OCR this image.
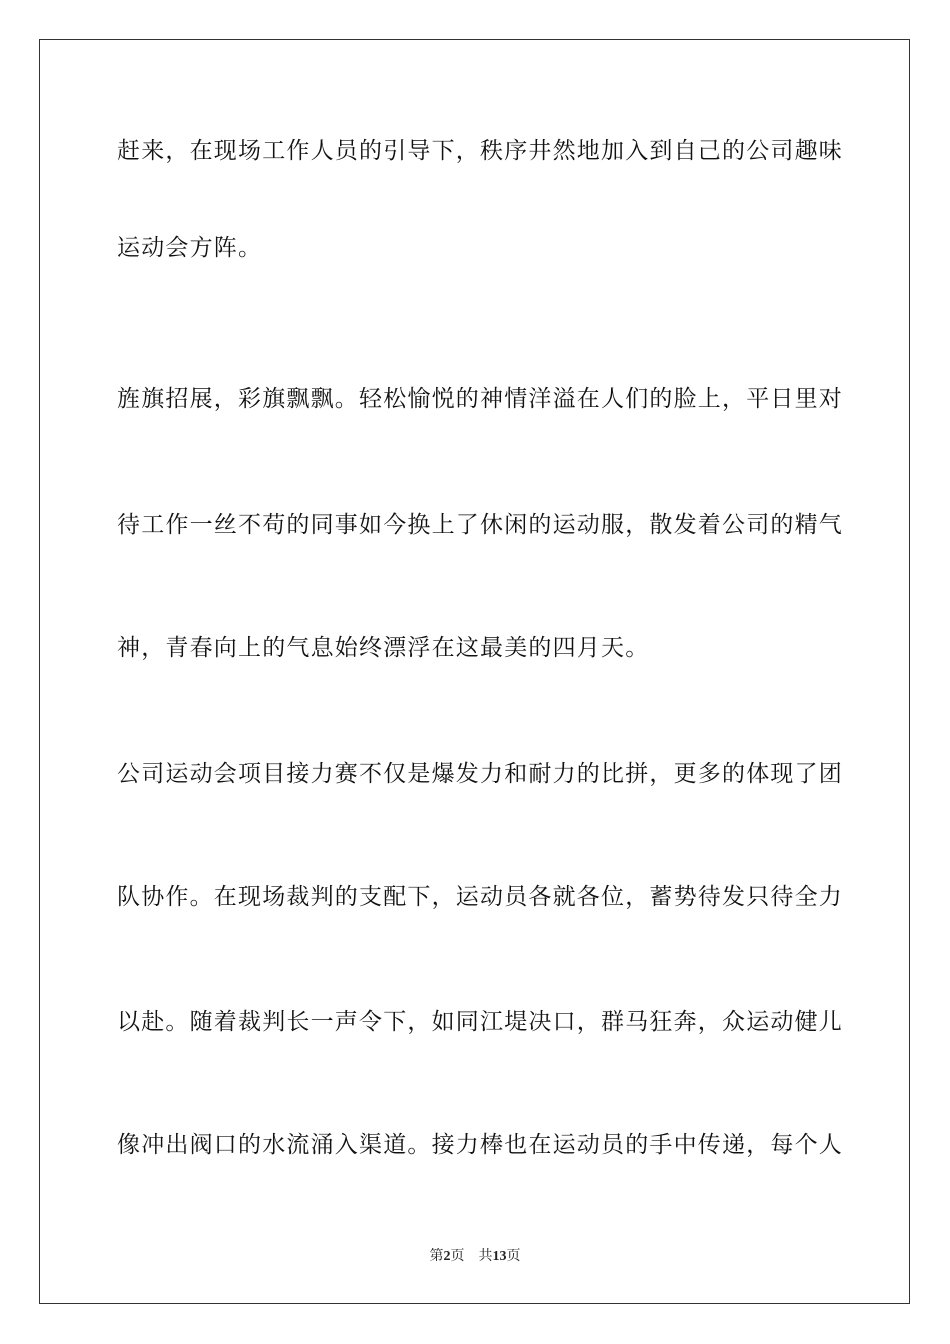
赶来，在现场工作人员的引导下，秩序井然地加入到自己的公司趣味
运动会方阵。
旌旗招展，彩旗飘飘。轻松愉悦的神情洋溢在人们的脸上，平日里对
待工作一丝不苟的同事如今换上了休闲的运动服，散发着公司的精气
神，青春向上的气息始终漂浮在这最美的四月天。
公司运动会项目接力赛不仅是爆发力和耐力的比拼，更多的体现了团
队协作。在现场裁判的支配下，运动员各就各位，蓄势待发只待全力
以赴。随着裁判长一声令下，如同江堤决口，群马狂奔，众运动健儿
像冲出阀口的水流涌入渠道。接力棒也在运动员的手中传递，每个人
第2页 共13页
